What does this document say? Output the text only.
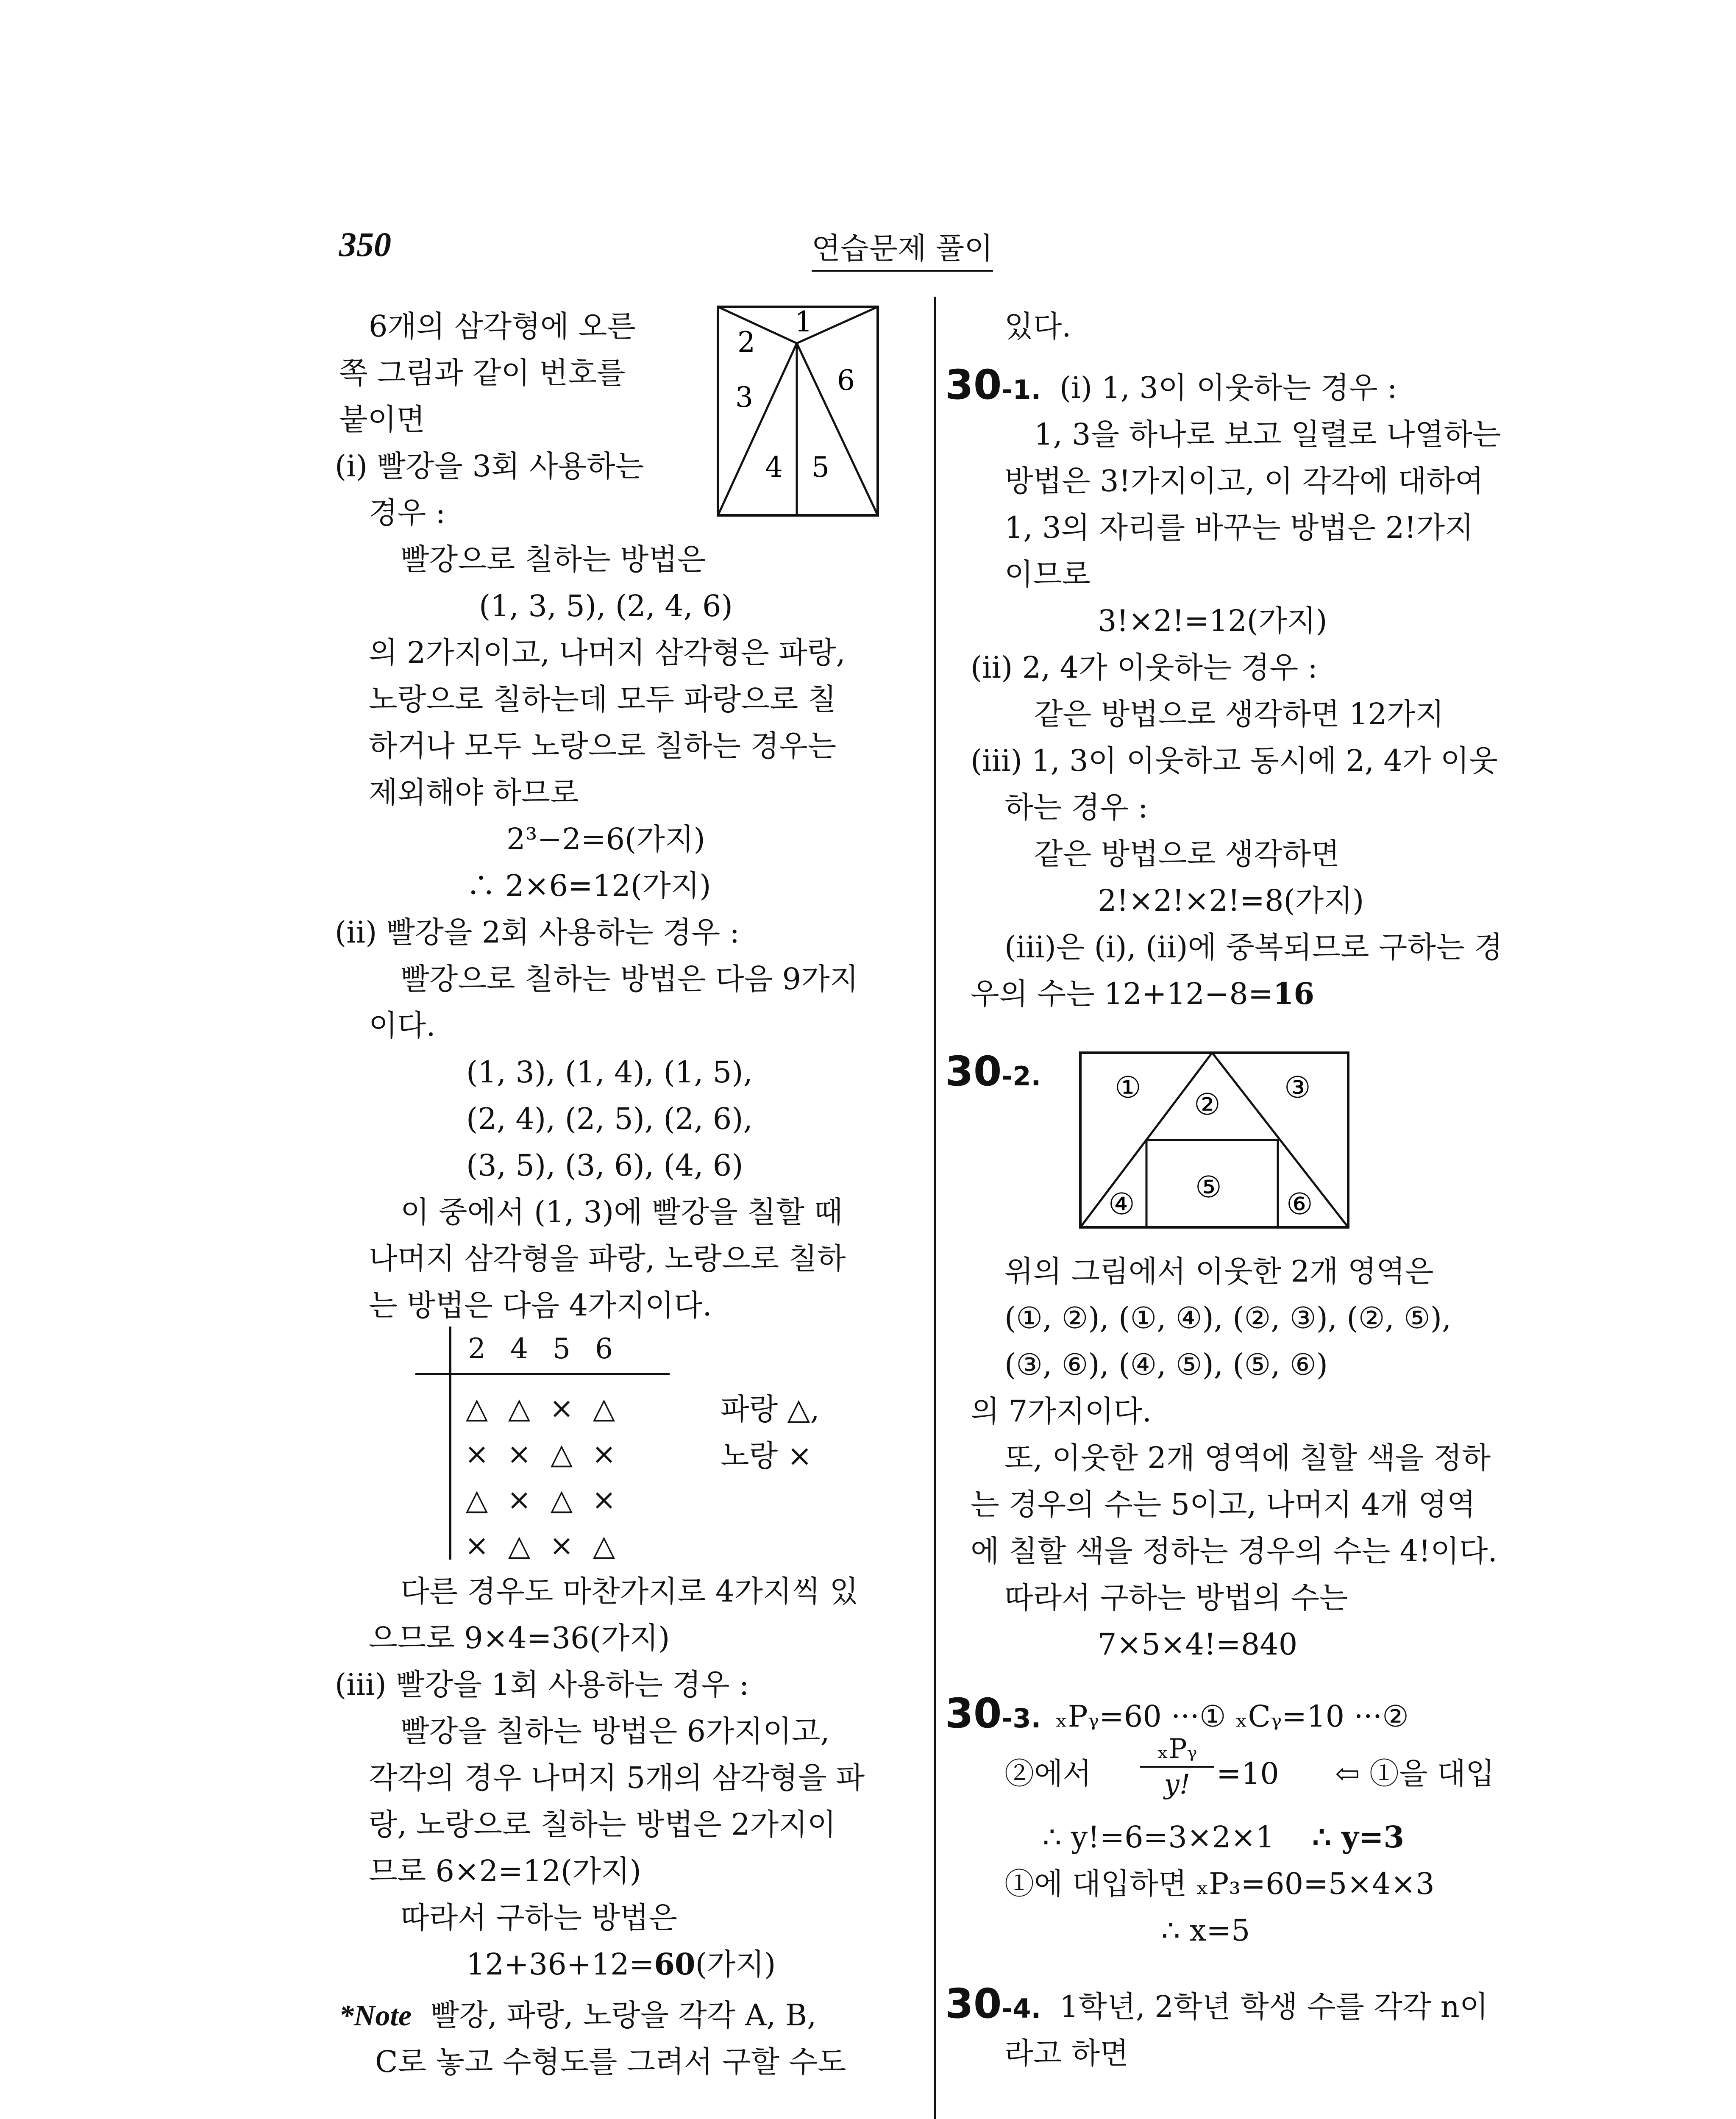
350	연습문제 풀이
6개의 삼각형에 오른
쪽 그림과 같이 번호를
붙이면
1
2
3
4 5
6
(ⅰ) 빨강을 3회 사용하는
경우 :
빨강으로 칠하는 방법은
(1, 3, 5), (2, 4, 6)
의 2가지이고, 나머지 삼각형은 파랑,
노랑으로 칠하는데 모두 파랑으로 칠
하거나 모두 노랑으로 칠하는 경우는
제외해야 하므로
2³−2=6(가지)
∴ 2×6=12(가지)
(ⅱ) 빨강을 2회 사용하는 경우 :
빨강으로 칠하는 방법은 다음 9가지
이다.
(1, 3), (1, 4), (1, 5),
(2, 4), (2, 5), (2, 6),
(3, 5), (3, 6), (4, 6)
이 중에서 (1, 3)에 빨강을 칠할 때
나머지 삼각형을 파랑, 노랑으로 칠하
는 방법은 다음 4가지이다.
2 4 5 6
△ △ × △
× × △ ×
△ × △ ×
× △ × △
파랑 △,
노랑 ×
다른 경우도 마찬가지로 4가지씩 있
으므로 9×4=36(가지)
(ⅲ) 빨강을 1회 사용하는 경우 :
빨강을 칠하는 방법은 6가지이고,
각각의 경우 나머지 5개의 삼각형을 파
랑, 노랑으로 칠하는 방법은 2가지이
므로 6×2=12(가지)
따라서 구하는 방법은
12+36+12=60(가지)
*Note 빨강, 파랑, 노랑을 각각 A, B,
C로 놓고 수형도를 그려서 구할 수도
있다.
30-1. (ⅰ) 1, 3이 이웃하는 경우 :
1, 3을 하나로 보고 일렬로 나열하는
방법은 3!가지이고, 이 각각에 대하여
1, 3의 자리를 바꾸는 방법은 2!가지
이므로
3!×2!=12(가지)
(ⅱ) 2, 4가 이웃하는 경우 :
같은 방법으로 생각하면 12가지
(ⅲ) 1, 3이 이웃하고 동시에 2, 4가 이웃
하는 경우 :
같은 방법으로 생각하면
2!×2!×2!=8(가지)
(ⅲ)은 (ⅰ), (ⅱ)에 중복되므로 구하는 경
우의 수는 12+12−8=16
30-2. ① ② ③
④ ⑤ ⑥
위의 그림에서 이웃한 2개 영역은
(①, ②), (①, ④), (②, ③), (②, ⑤),
(③, ⑥), (④, ⑤), (⑤, ⑥)
의 7가지이다.
또, 이웃한 2개 영역에 칠할 색을 정하
는 경우의 수는 5이고, 나머지 4개 영역
에 칠할 색을 정하는 경우의 수는 4!이다.
따라서 구하는 방법의 수는
7×5×4!=840
30-3. ₓPᵧ=60 ···① ₓCᵧ=10 ···②
②에서
ₓPᵧ
y! =10 ⇦ ①을 대입
∴ y!=6=3×2×1 ∴ y=3
①에 대입하면 ₓP₃=60=5×4×3
∴ x=5
30-4. 1학년, 2학년 학생 수를 각각 n이
라고 하면
